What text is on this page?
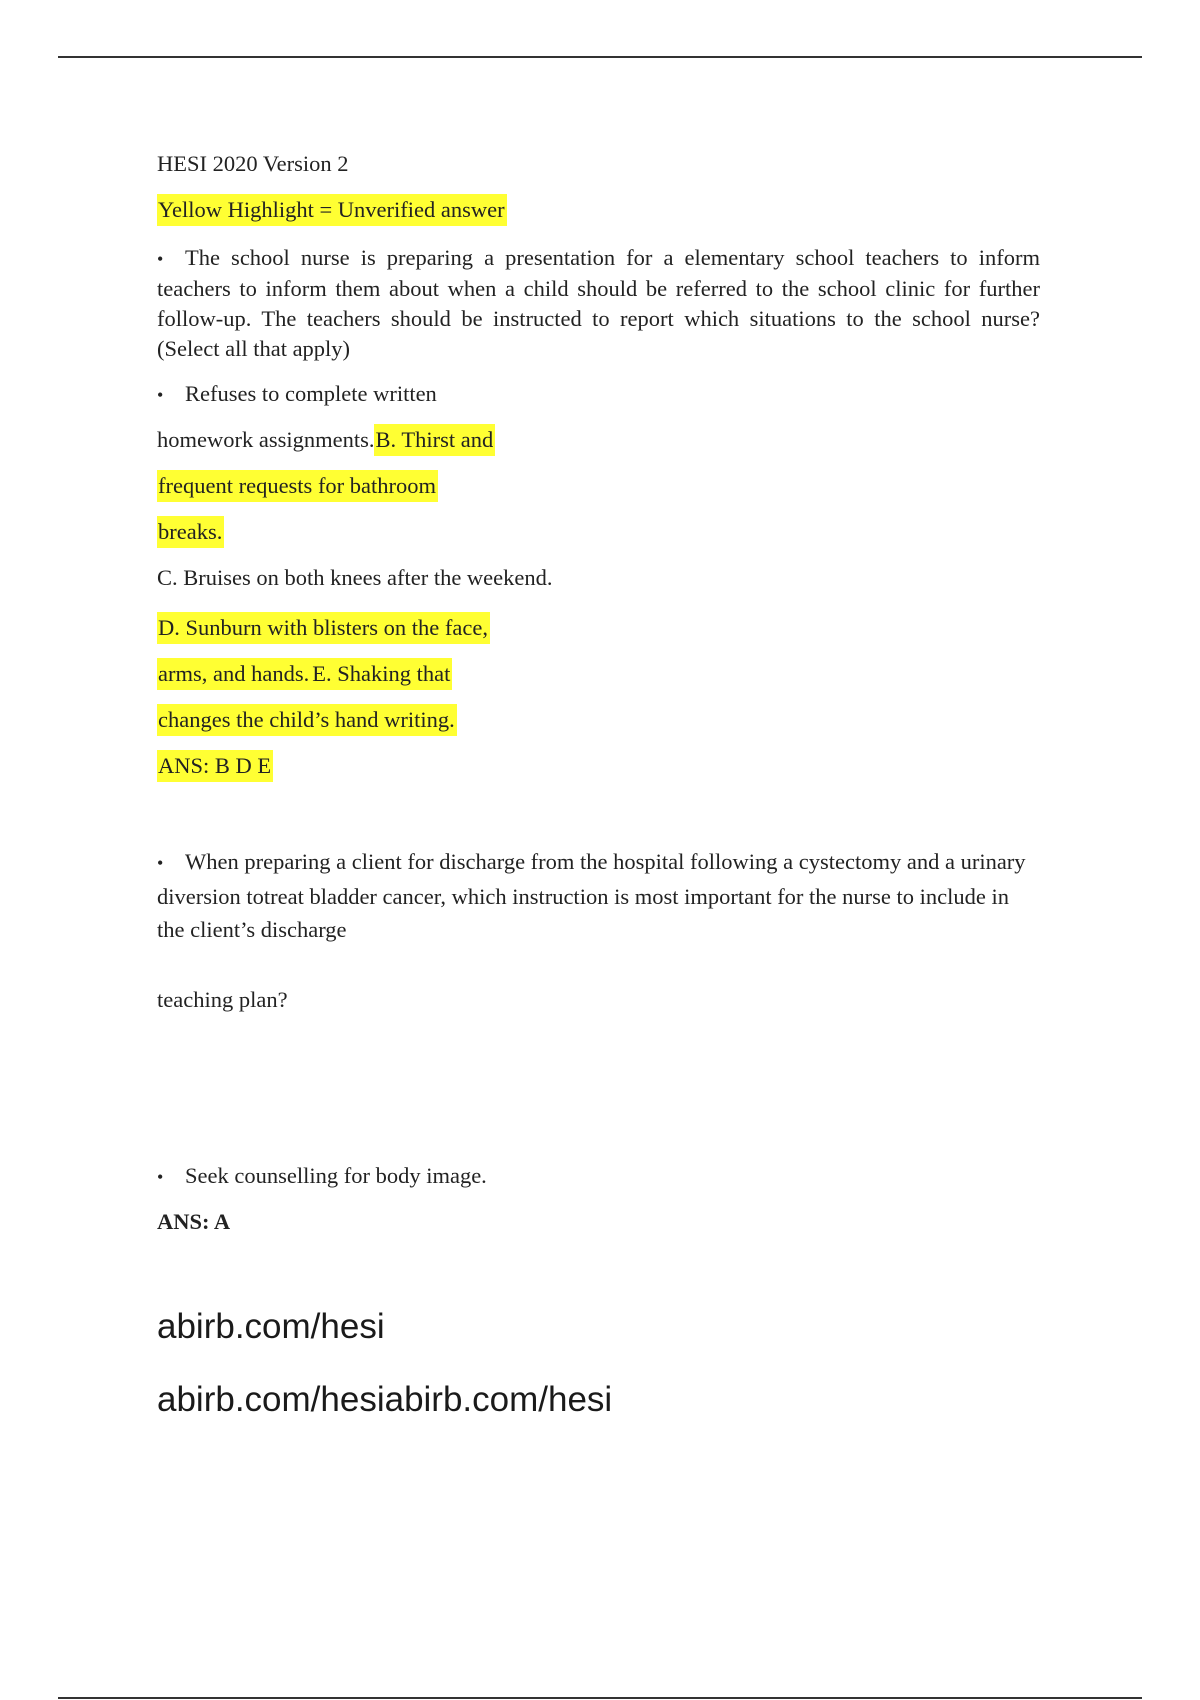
HESI 2020 Version 2
Yellow Highlight = Unverified answer
• The school nurse is preparing a presentation for a elementary school teachers to inform teachers to inform them about when a child should be referred to the school clinic for further follow-up. The teachers should be instructed to report which situations to the school nurse? (Select all that apply)
• Refuses to complete written
homework assignments.B. Thirst and
frequent requests for bathroom
breaks.
C. Bruises on both knees after the weekend.
D. Sunburn with blisters on the face,
arms, and hands. E. Shaking that
changes the child’s hand writing.
ANS: B D E
• When preparing a client for discharge from the hospital following a cystectomy and a urinary diversion totreat bladder cancer, which instruction is most important for the nurse to include in the client’s discharge
teaching plan?
• Seek counselling for body image.
ANS: A
abirb.com/hesi
abirb.com/hesiabirb.com/hesi
